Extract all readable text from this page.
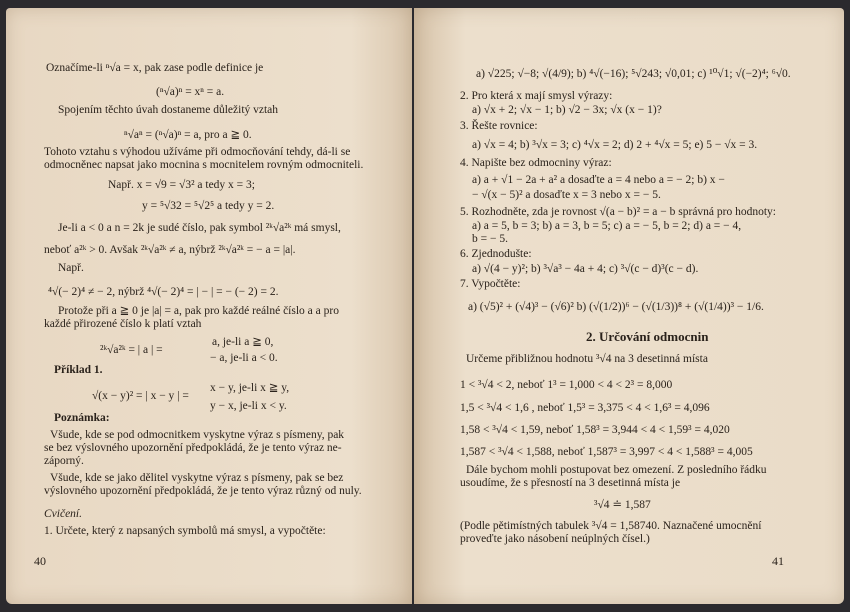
Označíme-li ⁿ√a = x, pak zase podle definice je
(ⁿ√a)ⁿ = xⁿ = a.
Spojením těchto úvah dostaneme důležitý vztah
ⁿ√aⁿ = (ⁿ√a)ⁿ = a, pro a ≧ 0.
Tohoto vztahu s výhodou užíváme při odmocňování tehdy, dá-li se
odmocněnec napsat jako mocnina s mocnitelem rovným odmocniteli.
Např. x = √9 = √3² a tedy x = 3;
y = ⁵√32 = ⁵√2⁵ a tedy y = 2.
Je-li a < 0 a n = 2k je sudé číslo, pak symbol ²ᵏ√a²ᵏ má smysl,
neboť a²ᵏ > 0. Avšak ²ᵏ√a²ᵏ ≠ a, nýbrž ²ᵏ√a²ᵏ = − a = |a|.
Např.
⁴√(− 2)⁴ ≠ − 2, nýbrž ⁴√(− 2)⁴ = | − | = − (− 2) = 2.
Protože při a ≧ 0 je |a| = a, pak pro každé reálné číslo a a pro
každé přirozené číslo k platí vztah
a, je-li a ≧ 0,
²ᵏ√a²ᵏ = | a | =
− a, je-li a < 0.
Příklad 1.
x − y, je-li x ≧ y,
√(x − y)² = | x − y | =
y − x, je-li x < y.
Poznámka:
Všude, kde se pod odmocnitkem vyskytne výraz s písmeny, pak
se bez výslovného upozornění předpokládá, že je tento výraz ne-
záporný.
Všude, kde se jako dělitel vyskytne výraz s písmeny, pak se bez
výslovného upozornění předpokládá, že je tento výraz různý od nuly.
Cvičení.
1. Určete, který z napsaných symbolů má smysl, a vypočtěte:
40
a) √225; √−8; √(4/9); b) ⁴√(−16); ⁵√243; √0,01; c) ¹⁰√1; √(−2)⁴; ⁶√0.
2. Pro která x mají smysl výrazy:
a) √x + 2; √x − 1; b) √2 − 3x; √x (x − 1)?
3. Řešte rovnice:
a) √x = 4; b) ³√x = 3; c) ⁴√x = 2; d) 2 + ⁴√x = 5; e) 5 − √x = 3.
4. Napište bez odmocniny výraz:
a) a + √1 − 2a + a² a dosaďte a = 4 nebo a = − 2; b) x −
− √(x − 5)² a dosaďte x = 3 nebo x = − 5.
5. Rozhodněte, zda je rovnost √(a − b)² = a − b správná pro hodnoty:
a) a = 5, b = 3; b) a = 3, b = 5; c) a = − 5, b = 2; d) a = − 4,
b = − 5.
6. Zjednodušte:
a) √(4 − y)²; b) ³√a³ − 4a + 4; c) ³√(c − d)³(c − d).
7. Vypočtěte:
a) (√5)² + (√4)³ − (√6)² b) (√(1/2))⁶ − (√(1/3))⁸ + (√(1/4))³ − 1/6.
2. Určování odmocnin
Určeme přibližnou hodnotu ³√4 na 3 desetinná místa
1 < ³√4 < 2, neboť 1³ = 1,000 < 4 < 2³ = 8,000
1,5 < ³√4 < 1,6 , neboť 1,5³ = 3,375 < 4 < 1,6³ = 4,096
1,58 < ³√4 < 1,59, neboť 1,58³ = 3,944 < 4 < 1,59³ = 4,020
1,587 < ³√4 < 1,588, neboť 1,587³ = 3,997 < 4 < 1,588³ = 4,005
Dále bychom mohli postupovat bez omezení. Z posledního řádku
usoudíme, že s přesností na 3 desetinná místa je
³√4 ≐ 1,587
(Podle pětimístných tabulek ³√4 = 1,58740. Naznačené umocnění
proveďte jako násobení neúplných čísel.)
41
